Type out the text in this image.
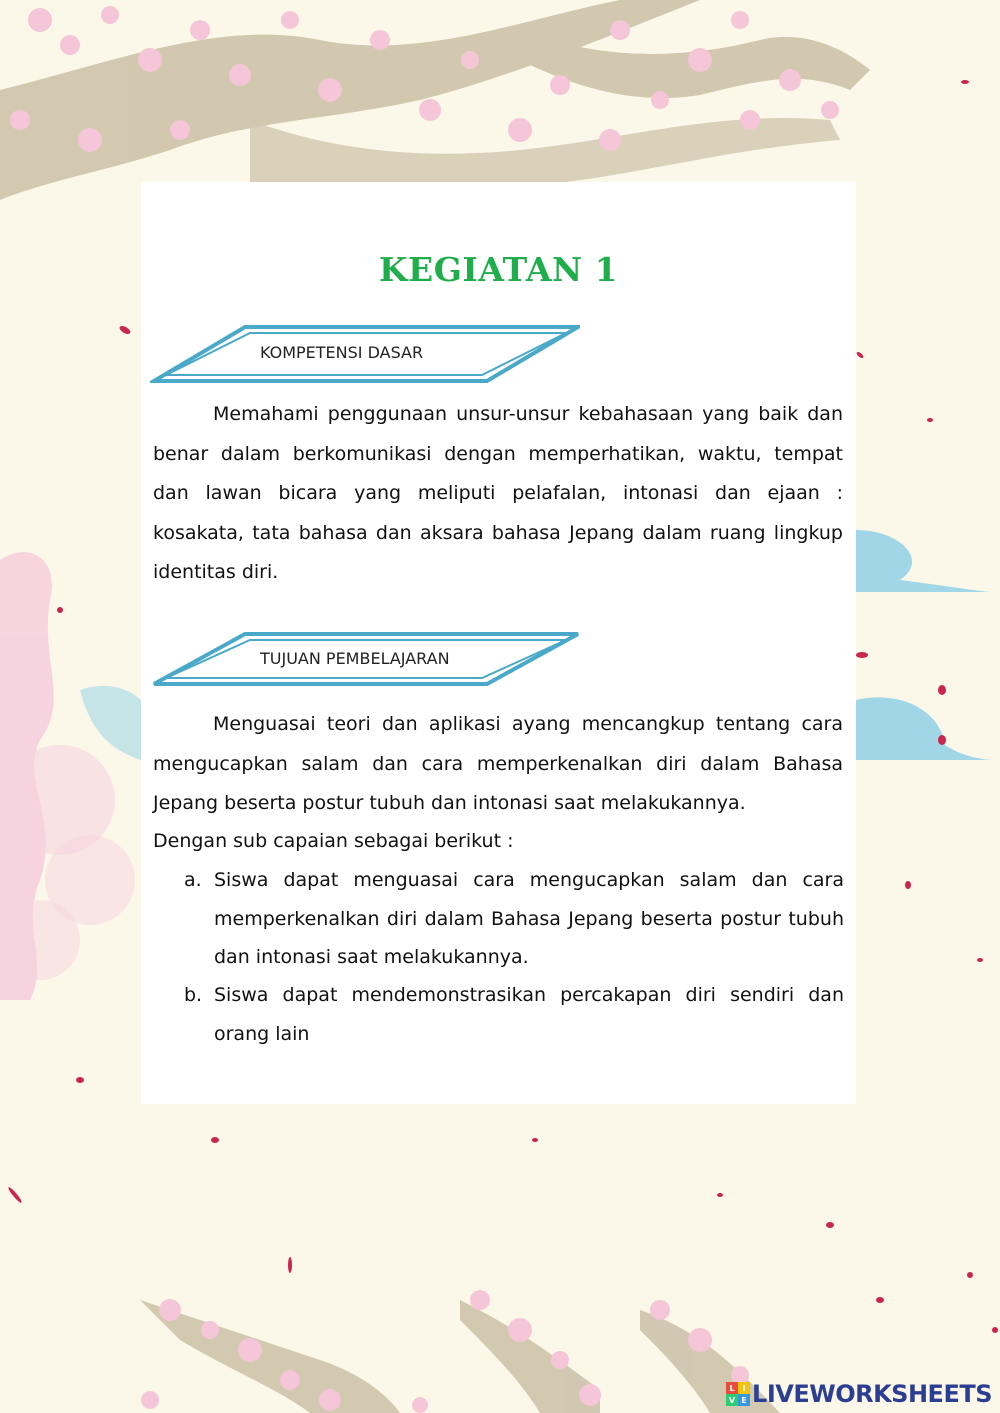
KEGIATAN 1
KOMPETENSI DASAR

Memahami penggunaan unsur-unsur kebahasaan yang baik dan benar dalam berkomunikasi dengan memperhatikan, waktu, tempat dan lawan bicara yang meliputi pelafalan, intonasi dan ejaan : kosakata, tata bahasa dan aksara bahasa Jepang dalam ruang lingkup identitas diri.

TUJUAN PEMBELAJARAN

Menguasai teori dan aplikasi ayang mencangkup tentang cara mengucapkan salam dan cara memperkenalkan diri dalam Bahasa Jepang beserta postur tubuh dan intonasi saat melakukannya.

Dengan sub capaian sebagai berikut :

a. Siswa dapat menguasai cara mengucapkan salam dan cara memperkenalkan diri dalam Bahasa Jepang beserta postur tubuh dan intonasi saat melakukannya.
b. Siswa dapat mendemonstrasikan percakapan diri sendiri dan orang lain
L I
V E LIVEWORKSHEETS
